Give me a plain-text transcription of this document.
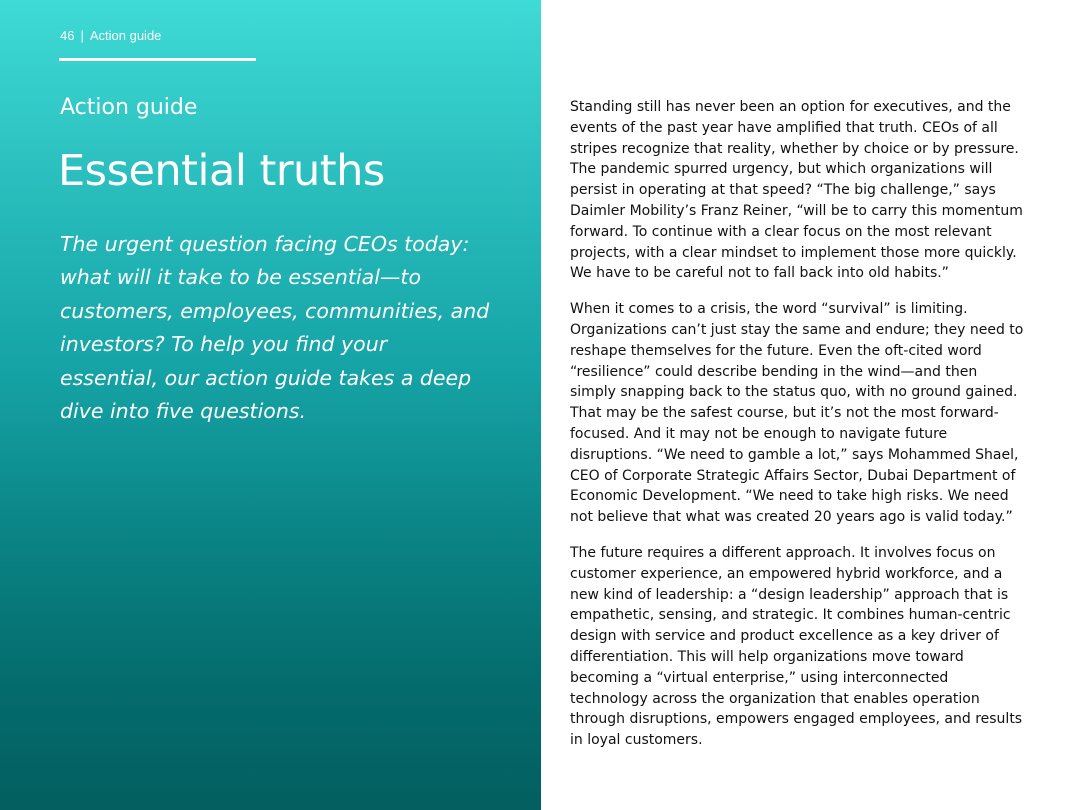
46 | Action guide
Action guide
Essential truths

The urgent question facing CEOs today: what will it take to be essential—to customers, employees, communities, and investors? To help you find your essential, our action guide takes a deep dive into five questions.

Standing still has never been an option for executives, and the events of the past year have amplified that truth. CEOs of all stripes recognize that reality, whether by choice or by pressure. The pandemic spurred urgency, but which organizations will persist in operating at that speed? “The big challenge,” says Daimler Mobility’s Franz Reiner, “will be to carry this momentum forward. To continue with a clear focus on the most relevant projects, with a clear mindset to implement those more quickly. We have to be careful not to fall back into old habits.”

When it comes to a crisis, the word “survival” is limiting. Organizations can’t just stay the same and endure; they need to reshape themselves for the future. Even the oft-cited word “resilience” could describe bending in the wind—and then simply snapping back to the status quo, with no ground gained. That may be the safest course, but it’s not the most forward-focused. And it may not be enough to navigate future disruptions. “We need to gamble a lot,” says Mohammed Shael, CEO of Corporate Strategic Affairs Sector, Dubai Department of Economic Development. “We need to take high risks. We need not believe that what was created 20 years ago is valid today.”

The future requires a different approach. It involves focus on customer experience, an empowered hybrid workforce, and a new kind of leadership: a “design leadership” approach that is empathetic, sensing, and strategic. It combines human-centric design with service and product excellence as a key driver of differentiation. This will help organizations move toward becoming a “virtual enterprise,” using interconnected technology across the organization that enables operation through disruptions, empowers engaged employees, and results in loyal customers.
